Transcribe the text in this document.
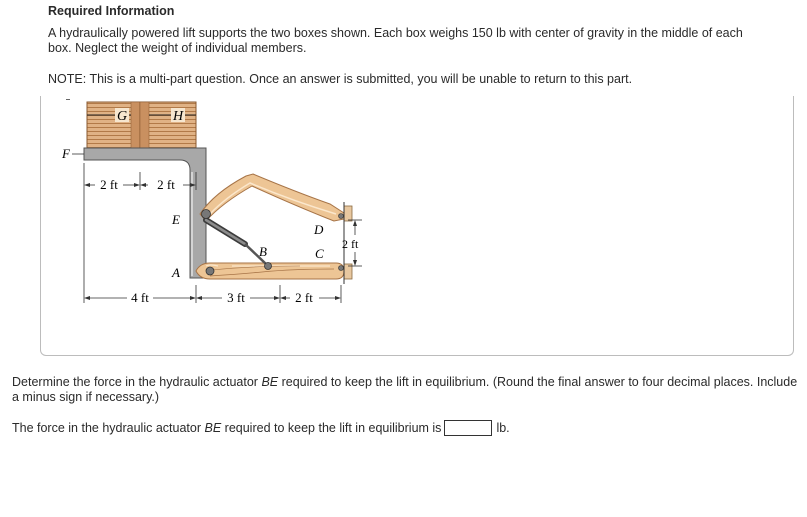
Required Information
A hydraulically powered lift supports the two boxes shown. Each box weighs 150 lb with center of gravity in the middle of each box. Neglect the weight of individual members.
NOTE: This is a multi-part question. Once an answer is submitted, you will be unable to return to this part.
G	H
F
2 ft	2 ft
2 ft
E
A
B
D
C
4 ft	3 ft	2 ft
Determine the force in the hydraulic actuator BE required to keep the lift in equilibrium. (Round the final answer to four decimal places. Include a minus sign if necessary.)
The force in the hydraulic actuator
BE
required to keep the lift in equilibrium is	lb.
